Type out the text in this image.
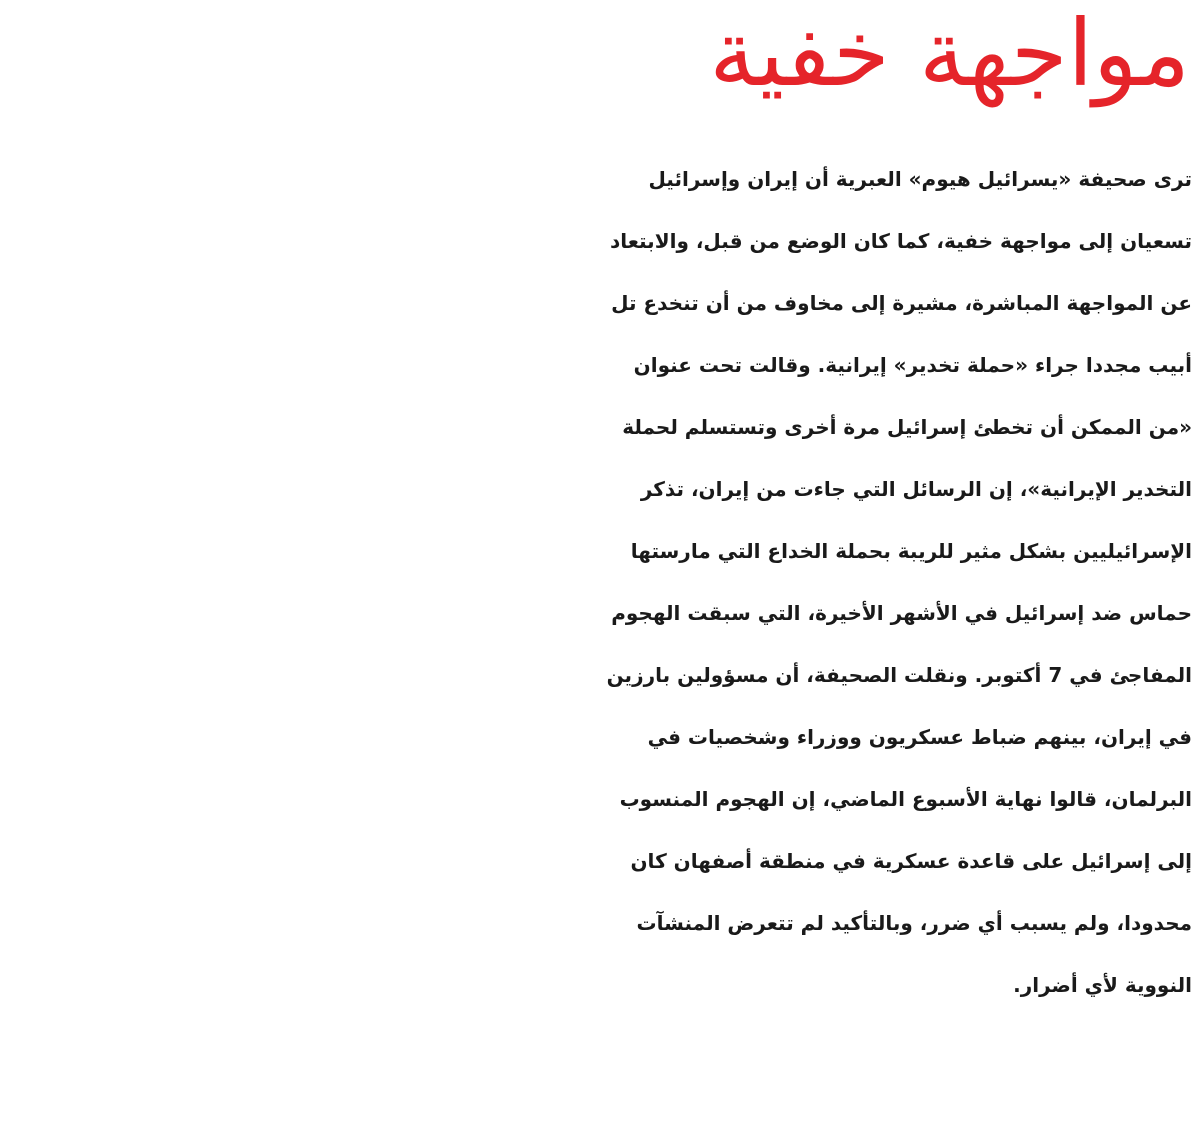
مواجهة خفية
ترى صحيفة «يسرائيل هيوم» العبرية أن إيران وإسرائيل
تسعيان إلى مواجهة خفية، كما كان الوضع من قبل، والابتعاد
عن المواجهة المباشرة، مشيرة إلى مخاوف من أن تنخدع تل
أبيب مجددا جراء «حملة تخدير» إيرانية. وقالت تحت عنوان
«من الممكن أن تخطئ إسرائيل مرة أخرى وتستسلم لحملة
التخدير الإيرانية»، إن الرسائل التي جاءت من إيران، تذكر
الإسرائيليين بشكل مثير للريبة بحملة الخداع التي مارستها
حماس ضد إسرائيل في الأشهر الأخيرة، التي سبقت الهجوم
المفاجئ في 7 أكتوبر. ونقلت الصحيفة، أن مسؤولين بارزين
في إيران، بينهم ضباط عسكريون ووزراء وشخصيات في
البرلمان، قالوا نهاية الأسبوع الماضي، إن الهجوم المنسوب
إلى إسرائيل على قاعدة عسكرية في منطقة أصفهان كان
محدودا، ولم يسبب أي ضرر، وبالتأكيد لم تتعرض المنشآت
النووية لأي أضرار.
